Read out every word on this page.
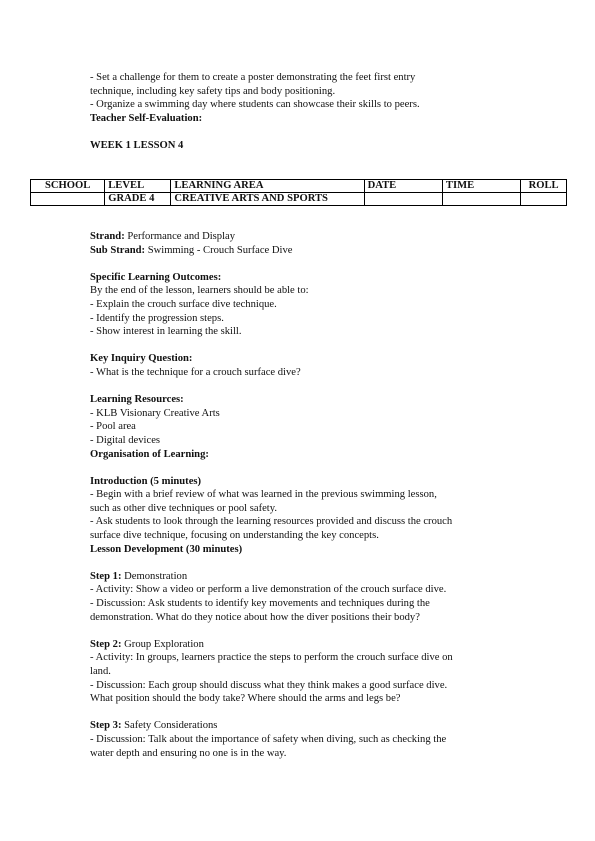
- Set a challenge for them to create a poster demonstrating the feet first entry
technique, including key safety tips and body positioning.
- Organize a swimming day where students can showcase their skills to peers.
Teacher Self-Evaluation:
WEEK 1 LESSON 4
SCHOOL	LEVEL	LEARNING AREA	DATE	TIME	ROLL
	GRADE 4	CREATIVE ARTS AND SPORTS			
Strand: Performance and Display
Sub Strand: Swimming - Crouch Surface Dive
Specific Learning Outcomes:
By the end of the lesson, learners should be able to:
- Explain the crouch surface dive technique.
- Identify the progression steps.
- Show interest in learning the skill.
Key Inquiry Question:
- What is the technique for a crouch surface dive?
Learning Resources:
- KLB Visionary Creative Arts
- Pool area
- Digital devices
Organisation of Learning:
Introduction (5 minutes)
- Begin with a brief review of what was learned in the previous swimming lesson,
such as other dive techniques or pool safety.
- Ask students to look through the learning resources provided and discuss the crouch
surface dive technique, focusing on understanding the key concepts.
Lesson Development (30 minutes)
Step 1: Demonstration
- Activity: Show a video or perform a live demonstration of the crouch surface dive.
- Discussion: Ask students to identify key movements and techniques during the
demonstration. What do they notice about how the diver positions their body?
Step 2: Group Exploration
- Activity: In groups, learners practice the steps to perform the crouch surface dive on
land.
- Discussion: Each group should discuss what they think makes a good surface dive.
What position should the body take? Where should the arms and legs be?
Step 3: Safety Considerations
- Discussion: Talk about the importance of safety when diving, such as checking the
water depth and ensuring no one is in the way.
